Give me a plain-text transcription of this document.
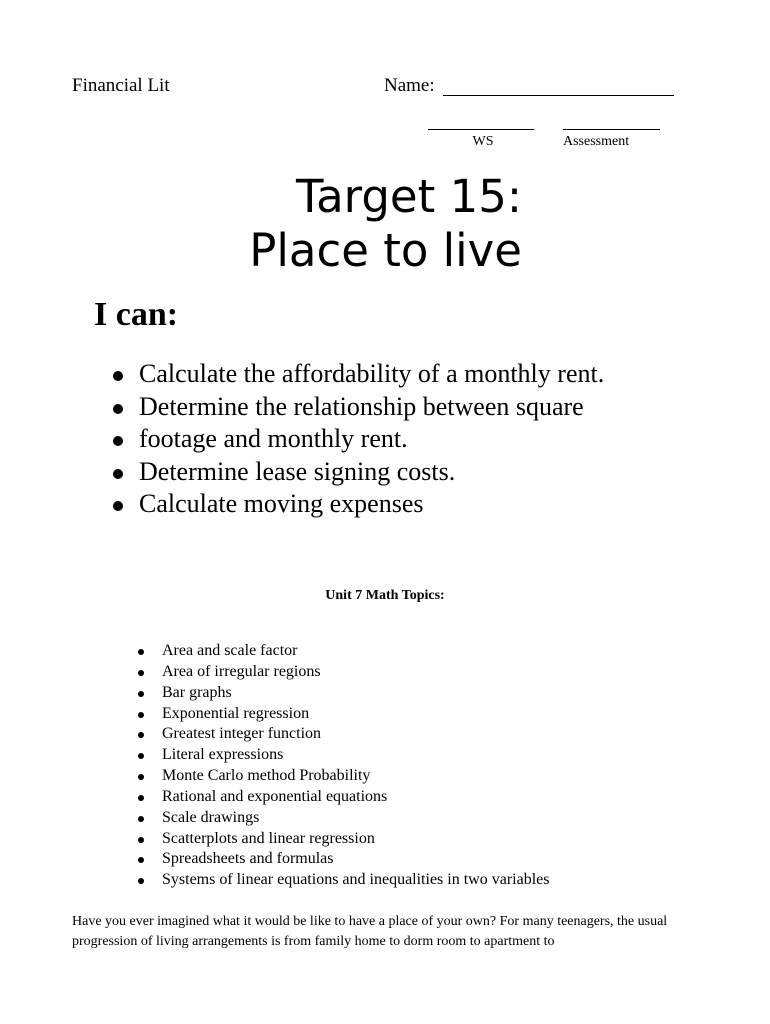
Financial Lit	Name:
WS	Assessment
Target 15:
Place to live
I can:
Calculate the affordability of a monthly rent.
Determine the relationship between square
footage and monthly rent.
Determine lease signing costs.
Calculate moving expenses
Unit 7 Math Topics:
Area and scale factor
Area of irregular regions
Bar graphs
Exponential regression
Greatest integer function
Literal expressions
Monte Carlo method Probability
Rational and exponential equations
Scale drawings
Scatterplots and linear regression
Spreadsheets and formulas
Systems of linear equations and inequalities in two variables

Have you ever imagined what it would be like to have a place of your own? For many teenagers, the usual progression of living arrangements is from family home to dorm room to apartment to
